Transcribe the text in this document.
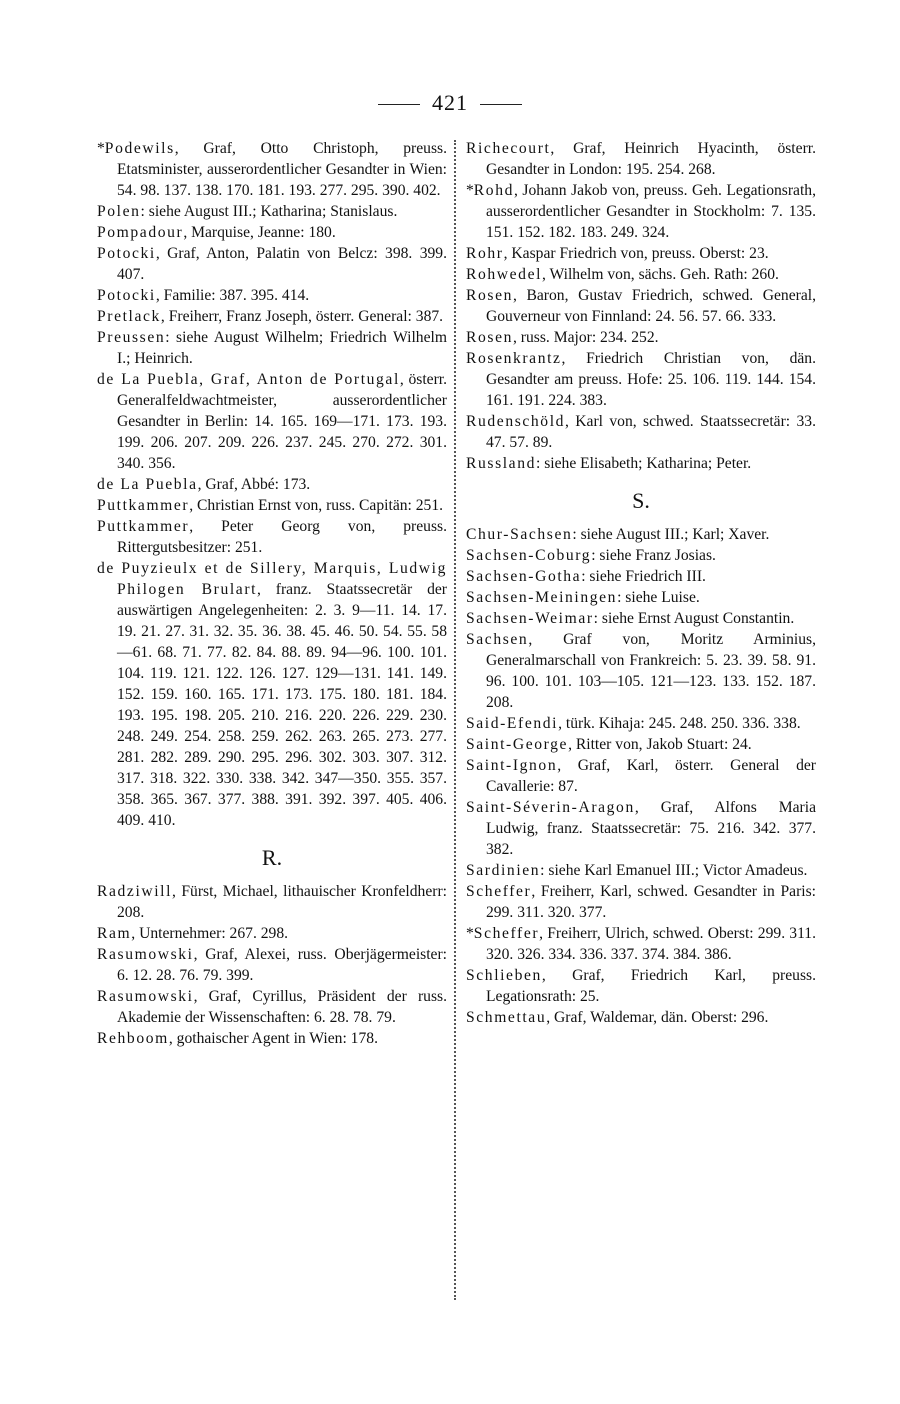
421

*Podewils, Graf, Otto Christoph, preuss. Etatsminister, ausserordentlicher Gesandter in Wien: 54. 98. 137. 138. 170. 181. 193. 277. 295. 390. 402.

Polen: siehe August III.; Katharina; Stanislaus.

Pompadour, Marquise, Jeanne: 180.

Potocki, Graf, Anton, Palatin von Belcz: 398. 399. 407.

Potocki, Familie: 387. 395. 414.

Pretlack, Freiherr, Franz Joseph, österr. General: 387.

Preussen: siehe August Wilhelm; Friedrich Wilhelm I.; Heinrich.

de La Puebla, Graf, Anton de Portugal, österr. Generalfeldwachtmeister, ausserordentlicher Gesandter in Berlin: 14. 165. 169—171. 173. 193. 199. 206. 207. 209. 226. 237. 245. 270. 272. 301. 340. 356.

de La Puebla, Graf, Abbé: 173.

Puttkammer, Christian Ernst von, russ. Capitän: 251.

Puttkammer, Peter Georg von, preuss. Rittergutsbesitzer: 251.

de Puyzieulx et de Sillery, Marquis, Ludwig Philogen Brulart, franz. Staatssecretär der auswärtigen Angelegenheiten: 2. 3. 9—11. 14. 17. 19. 21. 27. 31. 32. 35. 36. 38. 45. 46. 50. 54. 55. 58—61. 68. 71. 77. 82. 84. 88. 89. 94—96. 100. 101. 104. 119. 121. 122. 126. 127. 129—131. 141. 149. 152. 159. 160. 165. 171. 173. 175. 180. 181. 184. 193. 195. 198. 205. 210. 216. 220. 226. 229. 230. 248. 249. 254. 258. 259. 262. 263. 265. 273. 277. 281. 282. 289. 290. 295. 296. 302. 303. 307. 312. 317. 318. 322. 330. 338. 342. 347—350. 355. 357. 358. 365. 367. 377. 388. 391. 392. 397. 405. 406. 409. 410.

R.

Radziwill, Fürst, Michael, lithauischer Kronfeldherr: 208.

Ram, Unternehmer: 267. 298.

Rasumowski, Graf, Alexei, russ. Oberjägermeister: 6. 12. 28. 76. 79. 399.

Rasumowski, Graf, Cyrillus, Präsident der russ. Akademie der Wissenschaften: 6. 28. 78. 79.

Rehboom, gothaischer Agent in Wien: 178.

Richecourt, Graf, Heinrich Hyacinth, österr. Gesandter in London: 195. 254. 268.

*Rohd, Johann Jakob von, preuss. Geh. Legationsrath, ausserordentlicher Gesandter in Stockholm: 7. 135. 151. 152. 182. 183. 249. 324.

Rohr, Kaspar Friedrich von, preuss. Oberst: 23.

Rohwedel, Wilhelm von, sächs. Geh. Rath: 260.

Rosen, Baron, Gustav Friedrich, schwed. General, Gouverneur von Finnland: 24. 56. 57. 66. 333.

Rosen, russ. Major: 234. 252.

Rosenkrantz, Friedrich Christian von, dän. Gesandter am preuss. Hofe: 25. 106. 119. 144. 154. 161. 191. 224. 383.

Rudenschöld, Karl von, schwed. Staatssecretär: 33. 47. 57. 89.

Russland: siehe Elisabeth; Katharina; Peter.

S.

Chur-Sachsen: siehe August III.; Karl; Xaver.

Sachsen-Coburg: siehe Franz Josias.

Sachsen-Gotha: siehe Friedrich III.

Sachsen-Meiningen: siehe Luise.

Sachsen-Weimar: siehe Ernst August Constantin.

Sachsen, Graf von, Moritz Arminius, Generalmarschall von Frankreich: 5. 23. 39. 58. 91. 96. 100. 101. 103—105. 121—123. 133. 152. 187. 208.

Said-Efendi, türk. Kihaja: 245. 248. 250. 336. 338.

Saint-George, Ritter von, Jakob Stuart: 24.

Saint-Ignon, Graf, Karl, österr. General der Cavallerie: 87.

Saint-Séverin-Aragon, Graf, Alfons Maria Ludwig, franz. Staatssecretär: 75. 216. 342. 377. 382.

Sardinien: siehe Karl Emanuel III.; Victor Amadeus.

Scheffer, Freiherr, Karl, schwed. Gesandter in Paris: 299. 311. 320. 377.

*Scheffer, Freiherr, Ulrich, schwed. Oberst: 299. 311. 320. 326. 334. 336. 337. 374. 384. 386.

Schlieben, Graf, Friedrich Karl, preuss. Legationsrath: 25.

Schmettau, Graf, Waldemar, dän. Oberst: 296.
